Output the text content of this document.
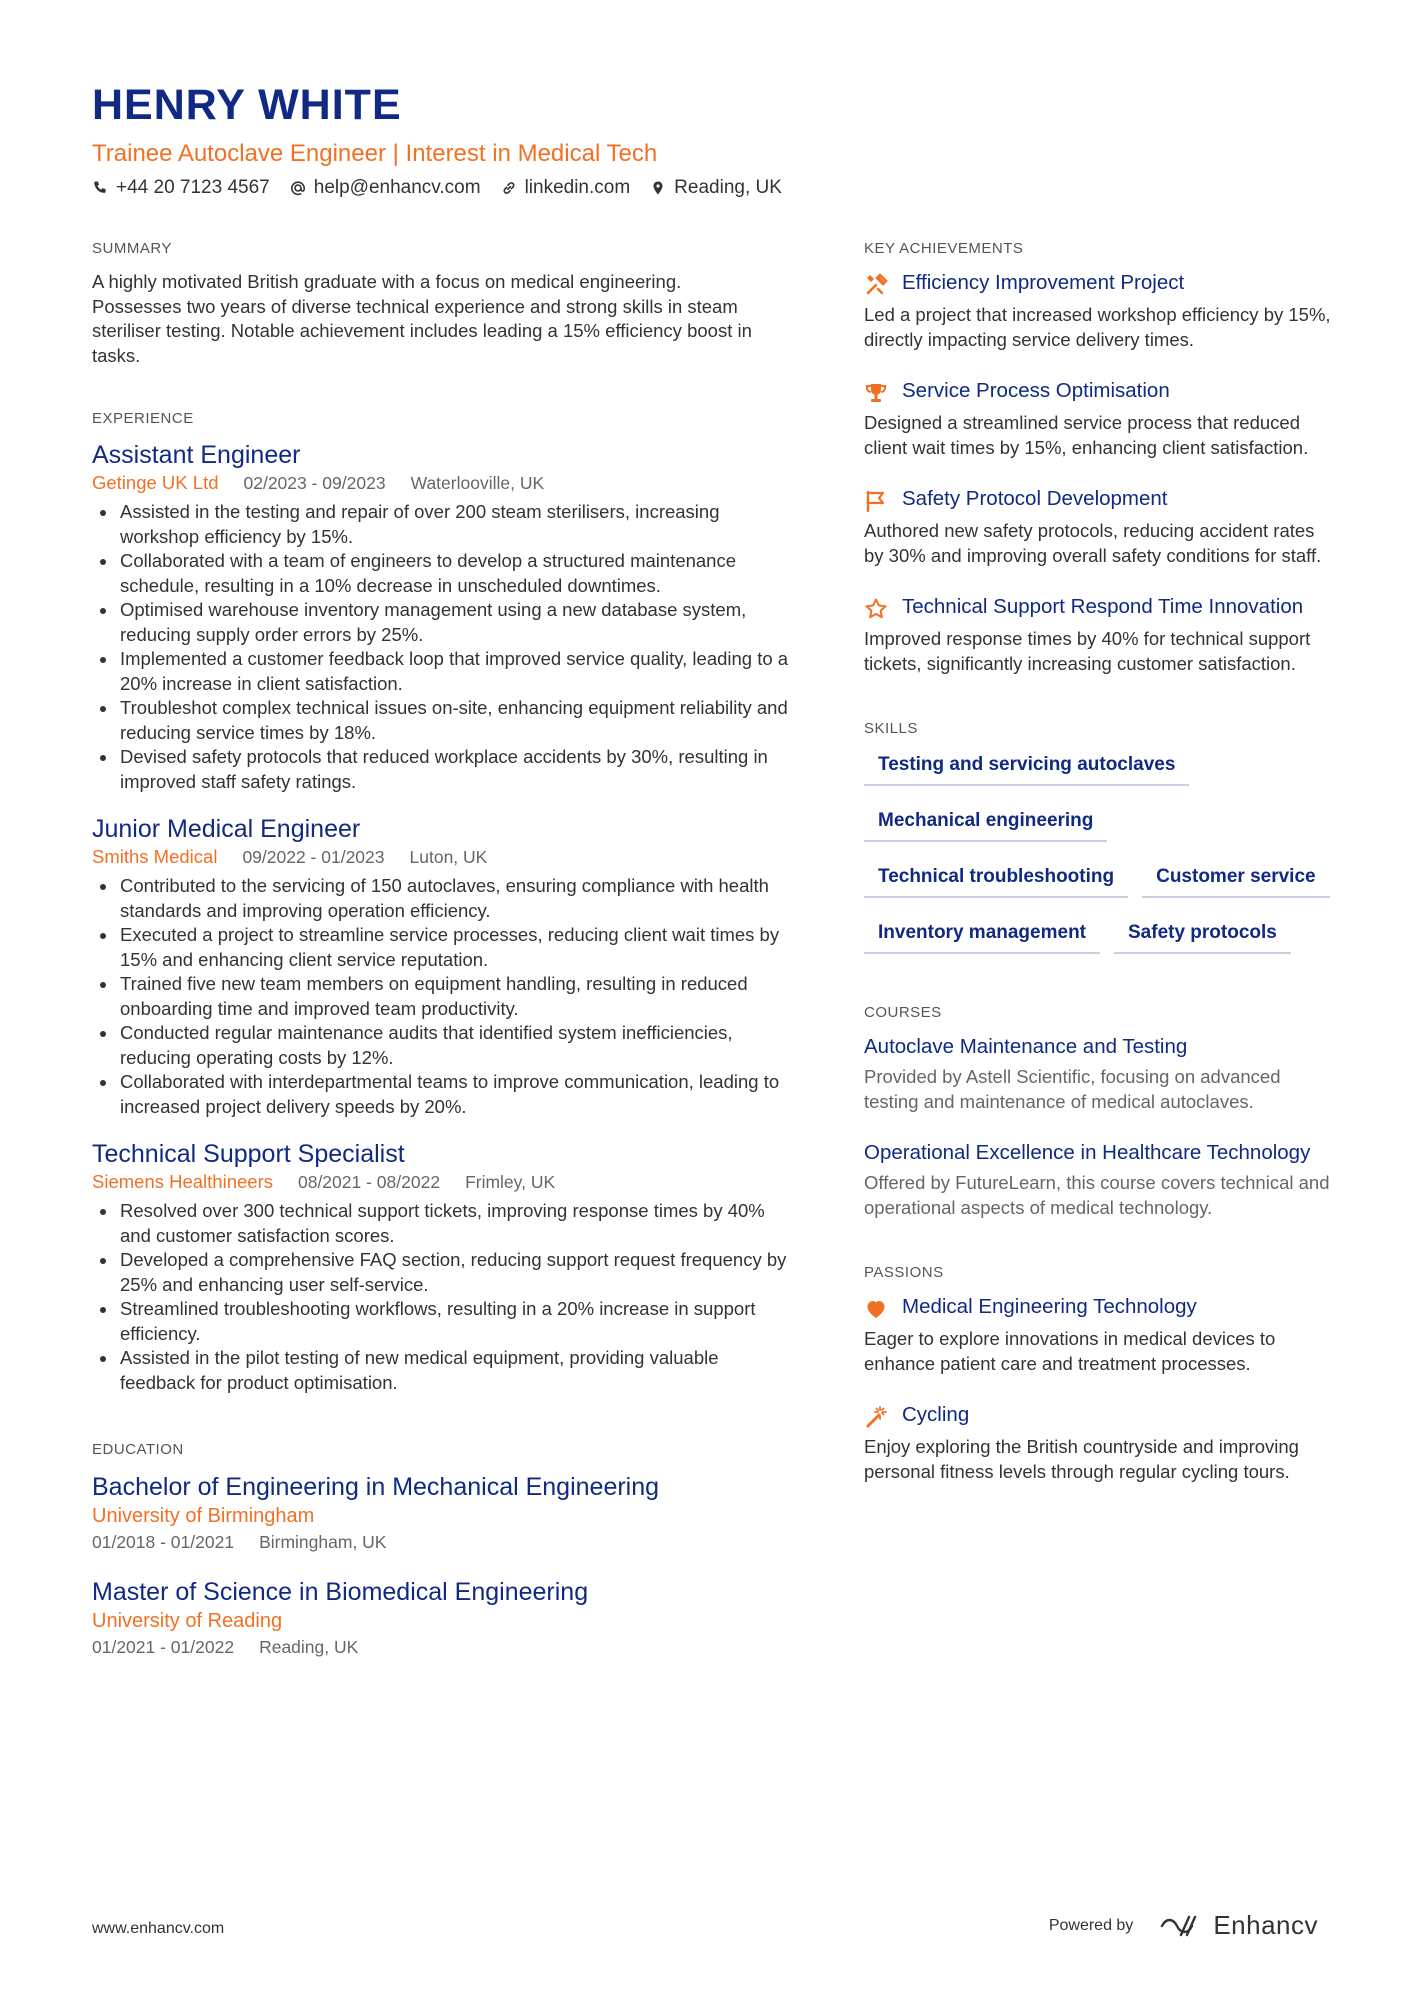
HENRY WHITE
Trainee Autoclave Engineer | Interest in Medical Tech
+44 20 7123 4567 help@enhancv.com linkedin.com Reading, UK
SUMMARY
A highly motivated British graduate with a focus on medical engineering. Possesses two years of diverse technical experience and strong skills in steam steriliser testing. Notable achievement includes leading a 15% efficiency boost in tasks.
EXPERIENCE
Assistant Engineer
Getinge UK Ltd 02/2023 - 09/2023 Waterlooville, UK
Assisted in the testing and repair of over 200 steam sterilisers, increasing workshop efficiency by 15%.
Collaborated with a team of engineers to develop a structured maintenance schedule, resulting in a 10% decrease in unscheduled downtimes.
Optimised warehouse inventory management using a new database system, reducing supply order errors by 25%.
Implemented a customer feedback loop that improved service quality, leading to a 20% increase in client satisfaction.
Troubleshot complex technical issues on-site, enhancing equipment reliability and reducing service times by 18%.
Devised safety protocols that reduced workplace accidents by 30%, resulting in improved staff safety ratings.
Junior Medical Engineer
Smiths Medical 09/2022 - 01/2023 Luton, UK
Contributed to the servicing of 150 autoclaves, ensuring compliance with health standards and improving operation efficiency.
Executed a project to streamline service processes, reducing client wait times by 15% and enhancing client service reputation.
Trained five new team members on equipment handling, resulting in reduced onboarding time and improved team productivity.
Conducted regular maintenance audits that identified system inefficiencies, reducing operating costs by 12%.
Collaborated with interdepartmental teams to improve communication, leading to increased project delivery speeds by 20%.
Technical Support Specialist
Siemens Healthineers 08/2021 - 08/2022 Frimley, UK
Resolved over 300 technical support tickets, improving response times by 40% and customer satisfaction scores.
Developed a comprehensive FAQ section, reducing support request frequency by 25% and enhancing user self-service.
Streamlined troubleshooting workflows, resulting in a 20% increase in support efficiency.
Assisted in the pilot testing of new medical equipment, providing valuable feedback for product optimisation.
EDUCATION
Bachelor of Engineering in Mechanical Engineering
University of Birmingham
01/2018 - 01/2021 Birmingham, UK
Master of Science in Biomedical Engineering
University of Reading
01/2021 - 01/2022 Reading, UK
KEY ACHIEVEMENTS
Efficiency Improvement Project
Led a project that increased workshop efficiency by 15%, directly impacting service delivery times.
Service Process Optimisation
Designed a streamlined service process that reduced client wait times by 15%, enhancing client satisfaction.
Safety Protocol Development
Authored new safety protocols, reducing accident rates by 30% and improving overall safety conditions for staff.
Technical Support Respond Time Innovation
Improved response times by 40% for technical support tickets, significantly increasing customer satisfaction.
SKILLS
Testing and servicing autoclaves
Mechanical engineering
Technical troubleshooting	Customer service
Inventory management	Safety protocols
COURSES
Autoclave Maintenance and Testing
Provided by Astell Scientific, focusing on advanced testing and maintenance of medical autoclaves.
Operational Excellence in Healthcare Technology
Offered by FutureLearn, this course covers technical and operational aspects of medical technology.
PASSIONS
Medical Engineering Technology
Eager to explore innovations in medical devices to enhance patient care and treatment processes.
Cycling
Enjoy exploring the British countryside and improving personal fitness levels through regular cycling tours.
www.enhancv.com	Powered by	Enhancv
